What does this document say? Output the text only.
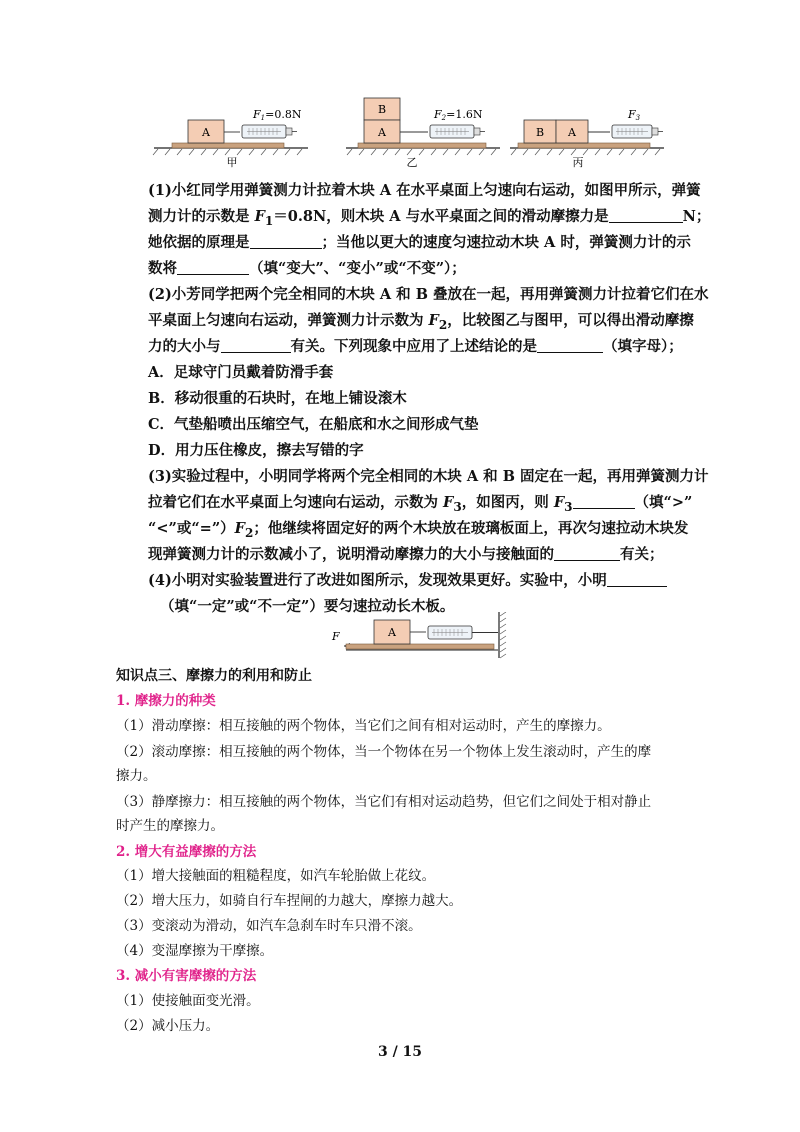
A
F1=0.8N
甲
B
A
F2=1.6N
乙
B A
F3
丙
(1)小红同学用弹簧测力计拉着木块 A 在水平桌面上匀速向右运动，如图甲所示，弹簧
测力计的示数是 $F_1=0.8N$，则木块 A 与水平桌面之间的滑动摩擦力是	N；
她依据的原理是	；当他以更大的速度匀速拉动木块 A 时，弹簧测力计的示
数将	（填“变大”、“变小”或“不变”）；
(2)小芳同学把两个完全相同的木块 A 和 B 叠放在一起，再用弹簧测力计拉着它们在水
平桌面上匀速向右运动，弹簧测力计示数为 $F_2$，比较图乙与图甲，可以得出滑动摩擦
力的大小与	有关。下列现象中应用了上述结论的是	（填字母）；
A．足球守门员戴着防滑手套
B．移动很重的石块时，在地上铺设滚木
C．气垫船喷出压缩空气，在船底和水之间形成气垫
D．用力压住橡皮，擦去写错的字
(3)实验过程中，小明同学将两个完全相同的木块 A 和 B 固定在一起，再用弹簧测力计
拉着它们在水平桌面上匀速向右运动，示数为 $F_3$，如图丙，则 $F_3$	（填“>”
“<”或“$=”)F_2$；他继续将固定好的两个木块放在玻璃板面上，再次匀速拉动木块发
现弹簧测力计的示数减小了，说明滑动摩擦力的大小与接触面的	有关；
(4)小明对实验装置进行了改进如图所示，发现效果更好。实验中，小明
（填“一定”或“不一定”）要匀速拉动长木板。
F	A
知识点三、摩擦力的利用和防止
1. 摩擦力的种类
（1）滑动摩擦：相互接触的两个物体，当它们之间有相对运动时，产生的摩擦力。
（2）滚动摩擦：相互接触的两个物体，当一个物体在另一个物体上发生滚动时，产生的摩
擦力。
（3）静摩擦力：相互接触的两个物体，当它们有相对运动趋势，但它们之间处于相对静止
时产生的摩擦力。
2. 增大有益摩擦的方法
（1）增大接触面的粗糙程度，如汽车轮胎做上花纹。
（2）增大压力，如骑自行车捏闸的力越大，摩擦力越大。
（3）变滚动为滑动，如汽车急刹车时车只滑不滚。
（4）变湿摩擦为干摩擦。
3. 减小有害摩擦的方法
（1）使接触面变光滑。
（2）减小压力。
3 / 15
